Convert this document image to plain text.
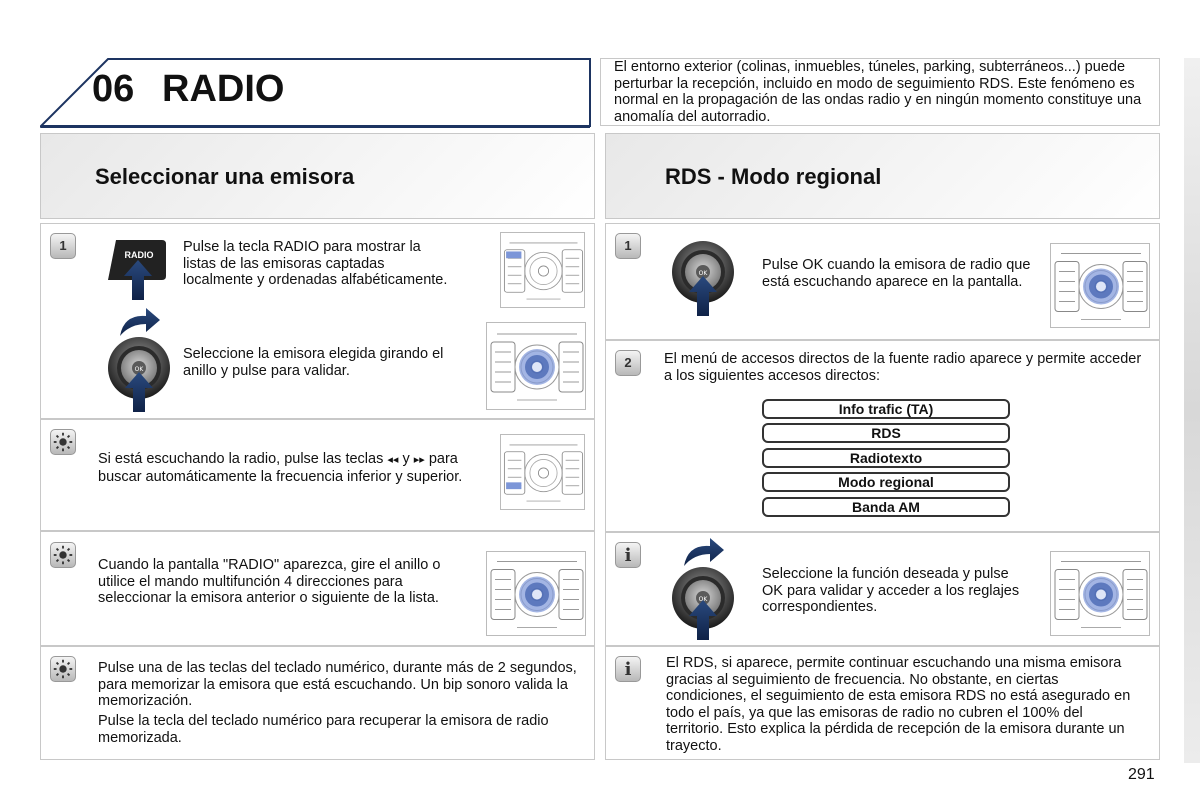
06 RADIO
El entorno exterior (colinas, inmuebles, túneles, parking, subterráneos...) puede perturbar la recepción, incluido en modo de seguimiento RDS. Este fenómeno es normal en la propagación de las ondas radio y en ningún momento constituye una anomalía del autorradio.
Seleccionar una emisora	RDS - Modo regional
1
RADIO Pulse la tecla RADIO para mostrar la listas de las emisoras captadas localmente y ordenadas alfabéticamente.
Seleccione la emisora elegida girando el anillo y pulse para validar.
Si está escuchando la radio, pulse las teclas ◂◂ y ▸▸ para buscar automáticamente la frecuencia inferior y superior.
Cuando la pantalla "RADIO" aparezca, gire el anillo o utilice el mando multifunción 4 direcciones para seleccionar la emisora anterior o siguiente de la lista.
Pulse una de las teclas del teclado numérico, durante más de 2 segundos, para memorizar la emisora que está escuchando. Un bip sonoro valida la memorización.
Pulse la tecla del teclado numérico para recuperar la emisora de radio memorizada.
1
Pulse OK cuando la emisora de radio que está escuchando aparece en la pantalla.
2	El menú de accesos directos de la fuente radio aparece y permite acceder a los siguientes accesos directos:
Info trafic (TA)
RDS
Radiotexto
Modo regional
Banda AM
i
Seleccione la función deseada y pulse OK para validar y acceder a los reglajes correspondientes.
i	El RDS, si aparece, permite continuar escuchando una misma emisora gracias al seguimiento de frecuencia. No obstante, en ciertas condiciones, el seguimiento de esta emisora RDS no está asegurado en todo el país, ya que las emisoras de radio no cubren el 100% del territorio. Esto explica la pérdida de recepción de la emisora durante un trayecto.
291
